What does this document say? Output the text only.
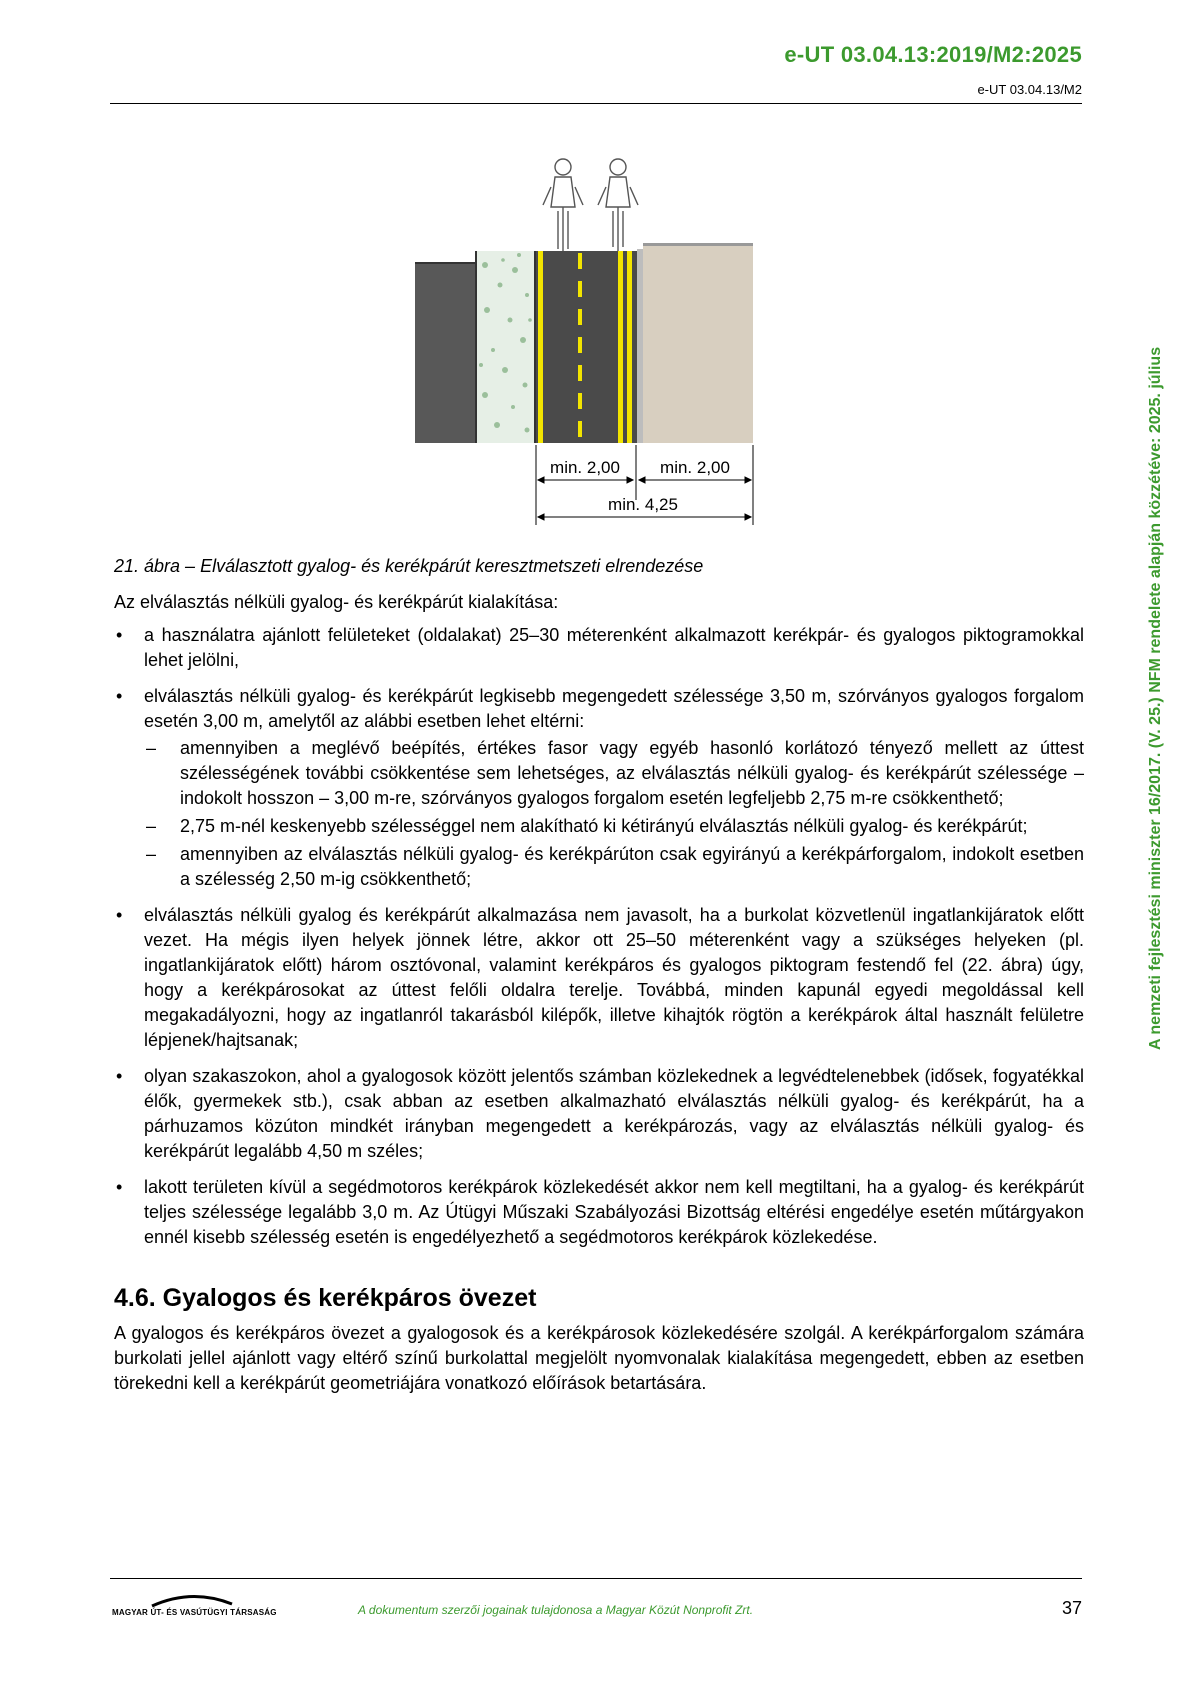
e-UT 03.04.13:2019/M2:2025
e-UT 03.04.13/M2
A nemzeti fejlesztési miniszter 16/2017. (V. 25.) NFM rendelete alapján közzétéve: 2025. július
min. 2,00 min. 2,00
min. 4,25
21. ábra – Elválasztott gyalog- és kerékpárút keresztmetszeti elrendezése

Az elválasztás nélküli gyalog- és kerékpárút kialakítása:

• a használatra ajánlott felületeket (oldalakat) 25–30 méterenként alkalmazott kerékpár- és gyalogos piktogramokkal lehet jelölni,
• elválasztás nélküli gyalog- és kerékpárút legkisebb megengedett szélessége 3,50 m, szórványos gyalogos forgalom esetén 3,00 m, amelytől az alábbi esetben lehet eltérni:
– amennyiben a meglévő beépítés, értékes fasor vagy egyéb hasonló korlátozó tényező mellett az úttest szélességének további csökkentése sem lehetséges, az elválasztás nélküli gyalog- és kerékpárút szélessége – indokolt hosszon – 3,00 m-re, szórványos gyalogos forgalom esetén legfeljebb 2,75 m-re csökkenthető;
– 2,75 m-nél keskenyebb szélességgel nem alakítható ki kétirányú elválasztás nélküli gyalog- és kerékpárút;
– amennyiben az elválasztás nélküli gyalog- és kerékpárúton csak egyirányú a kerékpárforgalom, indokolt esetben a szélesség 2,50 m-ig csökkenthető;
• elválasztás nélküli gyalog és kerékpárút alkalmazása nem javasolt, ha a burkolat közvetlenül ingatlankijáratok előtt vezet. Ha mégis ilyen helyek jönnek létre, akkor ott 25–50 méterenként vagy a szükséges helyeken (pl. ingatlankijáratok előtt) három osztóvonal, valamint kerékpáros és gyalogos piktogram festendő fel (22. ábra) úgy, hogy a kerékpárosokat az úttest felőli oldalra terelje. Továbbá, minden kapunál egyedi megoldással kell megakadályozni, hogy az ingatlanról takarásból kilépők, illetve kihajtók rögtön a kerékpárok által használt felületre lépjenek/hajtsanak;
• olyan szakaszokon, ahol a gyalogosok között jelentős számban közlekednek a legvédtelenebbek (idősek, fogyatékkal élők, gyermekek stb.), csak abban az esetben alkalmazható elválasztás nélküli gyalog- és kerékpárút, ha a párhuzamos közúton mindkét irányban megengedett a kerékpározás, vagy az elválasztás nélküli gyalog- és kerékpárút legalább 4,50 m széles;
• lakott területen kívül a segédmotoros kerékpárok közlekedését akkor nem kell megtiltani, ha a gyalog- és kerékpárút teljes szélessége legalább 3,0 m. Az Útügyi Műszaki Szabályozási Bizottság eltérési engedélye esetén műtárgyakon ennél kisebb szélesség esetén is engedélyezhető a segédmotoros kerékpárok közlekedése.
4.6. Gyalogos és kerékpáros övezet

A gyalogos és kerékpáros övezet a gyalogosok és a kerékpárosok közlekedésére szolgál. A kerékpárforgalom számára burkolati jellel ajánlott vagy eltérő színű burkolattal megjelölt nyomvonalak kialakítása megengedett, ebben az esetben törekedni kell a kerékpárút geometriájára vonatkozó előírások betartására.

MAGYAR ÚT- ÉS VASÚTÜGYI TÁRSASÁG	A dokumentum szerzői jogainak tulajdonosa a Magyar Közút Nonprofit Zrt.	37
